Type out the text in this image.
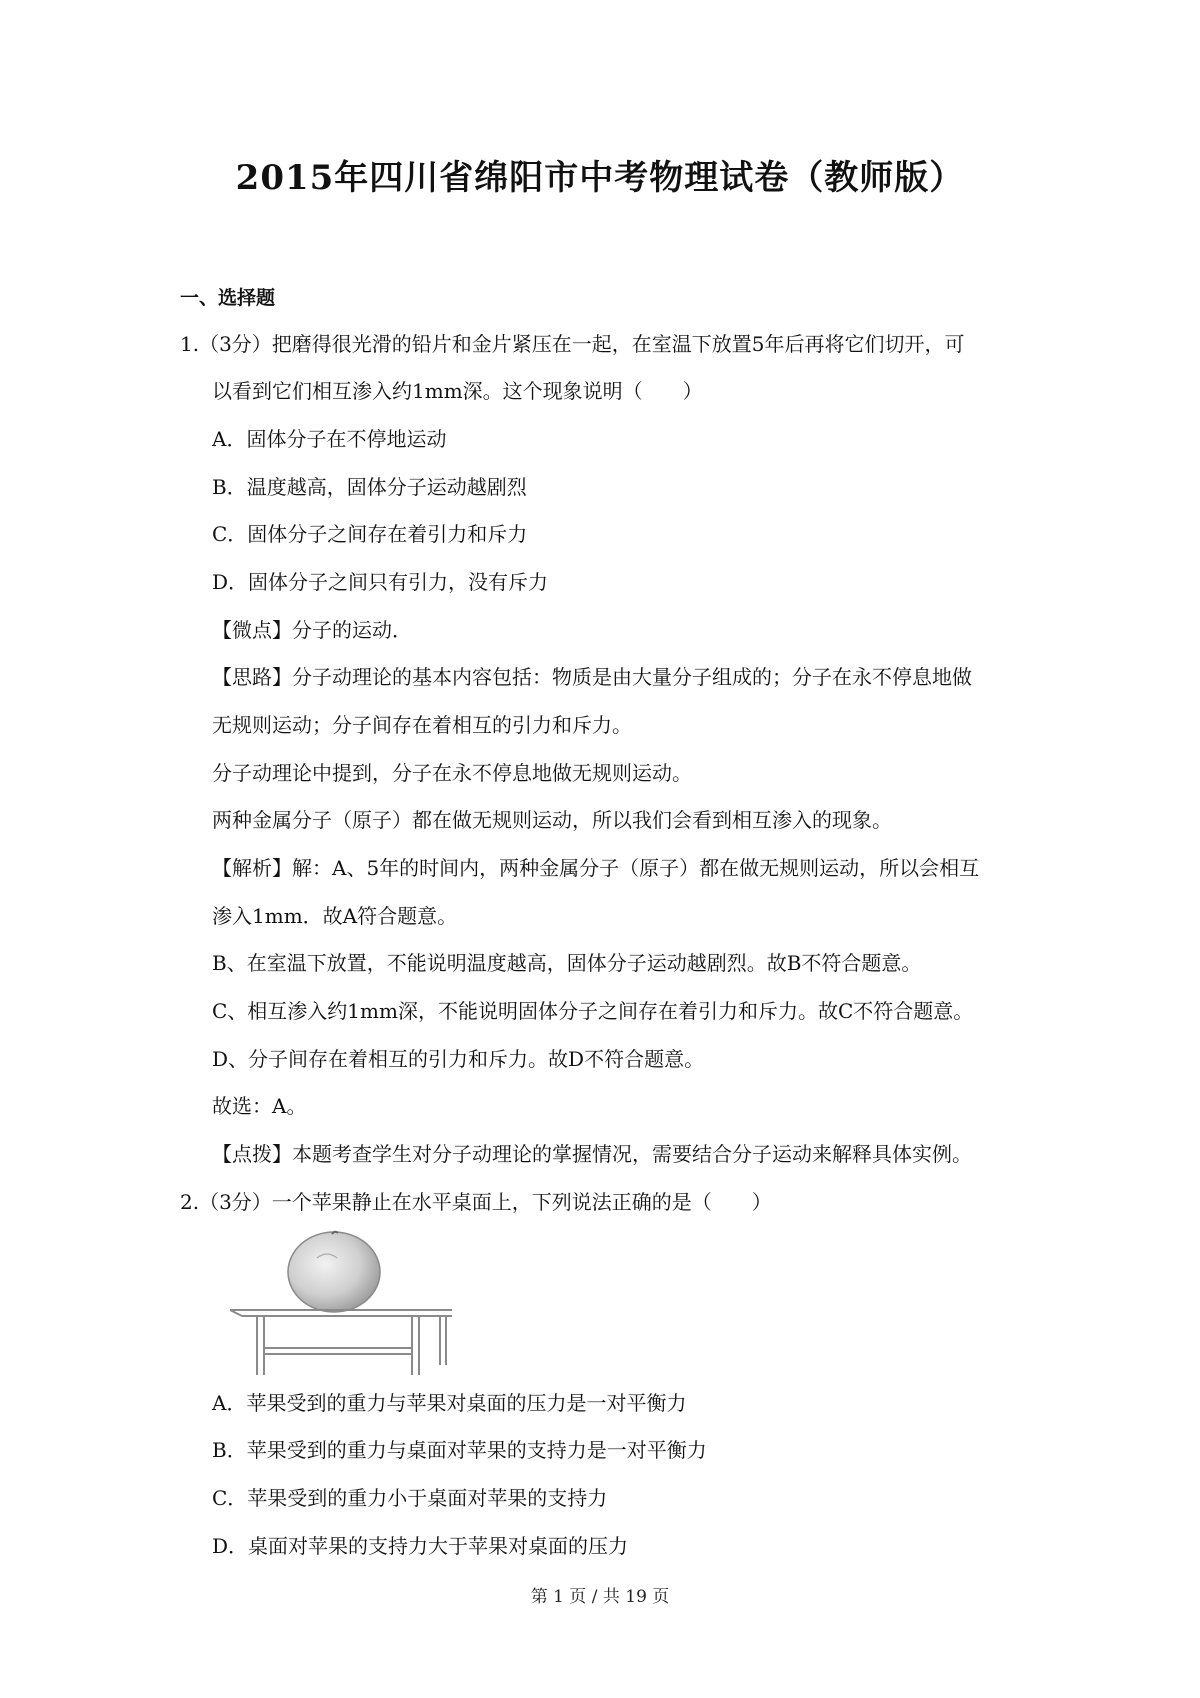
2015年四川省绵阳市中考物理试卷（教师版）
一、选择题
1.（3分）把磨得很光滑的铅片和金片紧压在一起，在室温下放置5年后再将它们切开，可
以看到它们相互渗入约1mm深。这个现象说明（　　）
A．固体分子在不停地运动
B．温度越高，固体分子运动越剧烈
C．固体分子之间存在着引力和斥力
D．固体分子之间只有引力，没有斥力
【微点】分子的运动．
【思路】分子动理论的基本内容包括：物质是由大量分子组成的；分子在永不停息地做
无规则运动；分子间存在着相互的引力和斥力。
分子动理论中提到，分子在永不停息地做无规则运动。
两种金属分子（原子）都在做无规则运动，所以我们会看到相互渗入的现象。
【解析】解：A、5年的时间内，两种金属分子（原子）都在做无规则运动，所以会相互
渗入1mm．故A符合题意。
B、在室温下放置，不能说明温度越高，固体分子运动越剧烈。故B不符合题意。
C、相互渗入约1mm深，不能说明固体分子之间存在着引力和斥力。故C不符合题意。
D、分子间存在着相互的引力和斥力。故D不符合题意。
故选：A。
【点拨】本题考查学生对分子动理论的掌握情况，需要结合分子运动来解释具体实例。
2.（3分）一个苹果静止在水平桌面上，下列说法正确的是（　　）
A．苹果受到的重力与苹果对桌面的压力是一对平衡力
B．苹果受到的重力与桌面对苹果的支持力是一对平衡力
C．苹果受到的重力小于桌面对苹果的支持力
D．桌面对苹果的支持力大于苹果对桌面的压力
第 1 页 / 共 19 页
